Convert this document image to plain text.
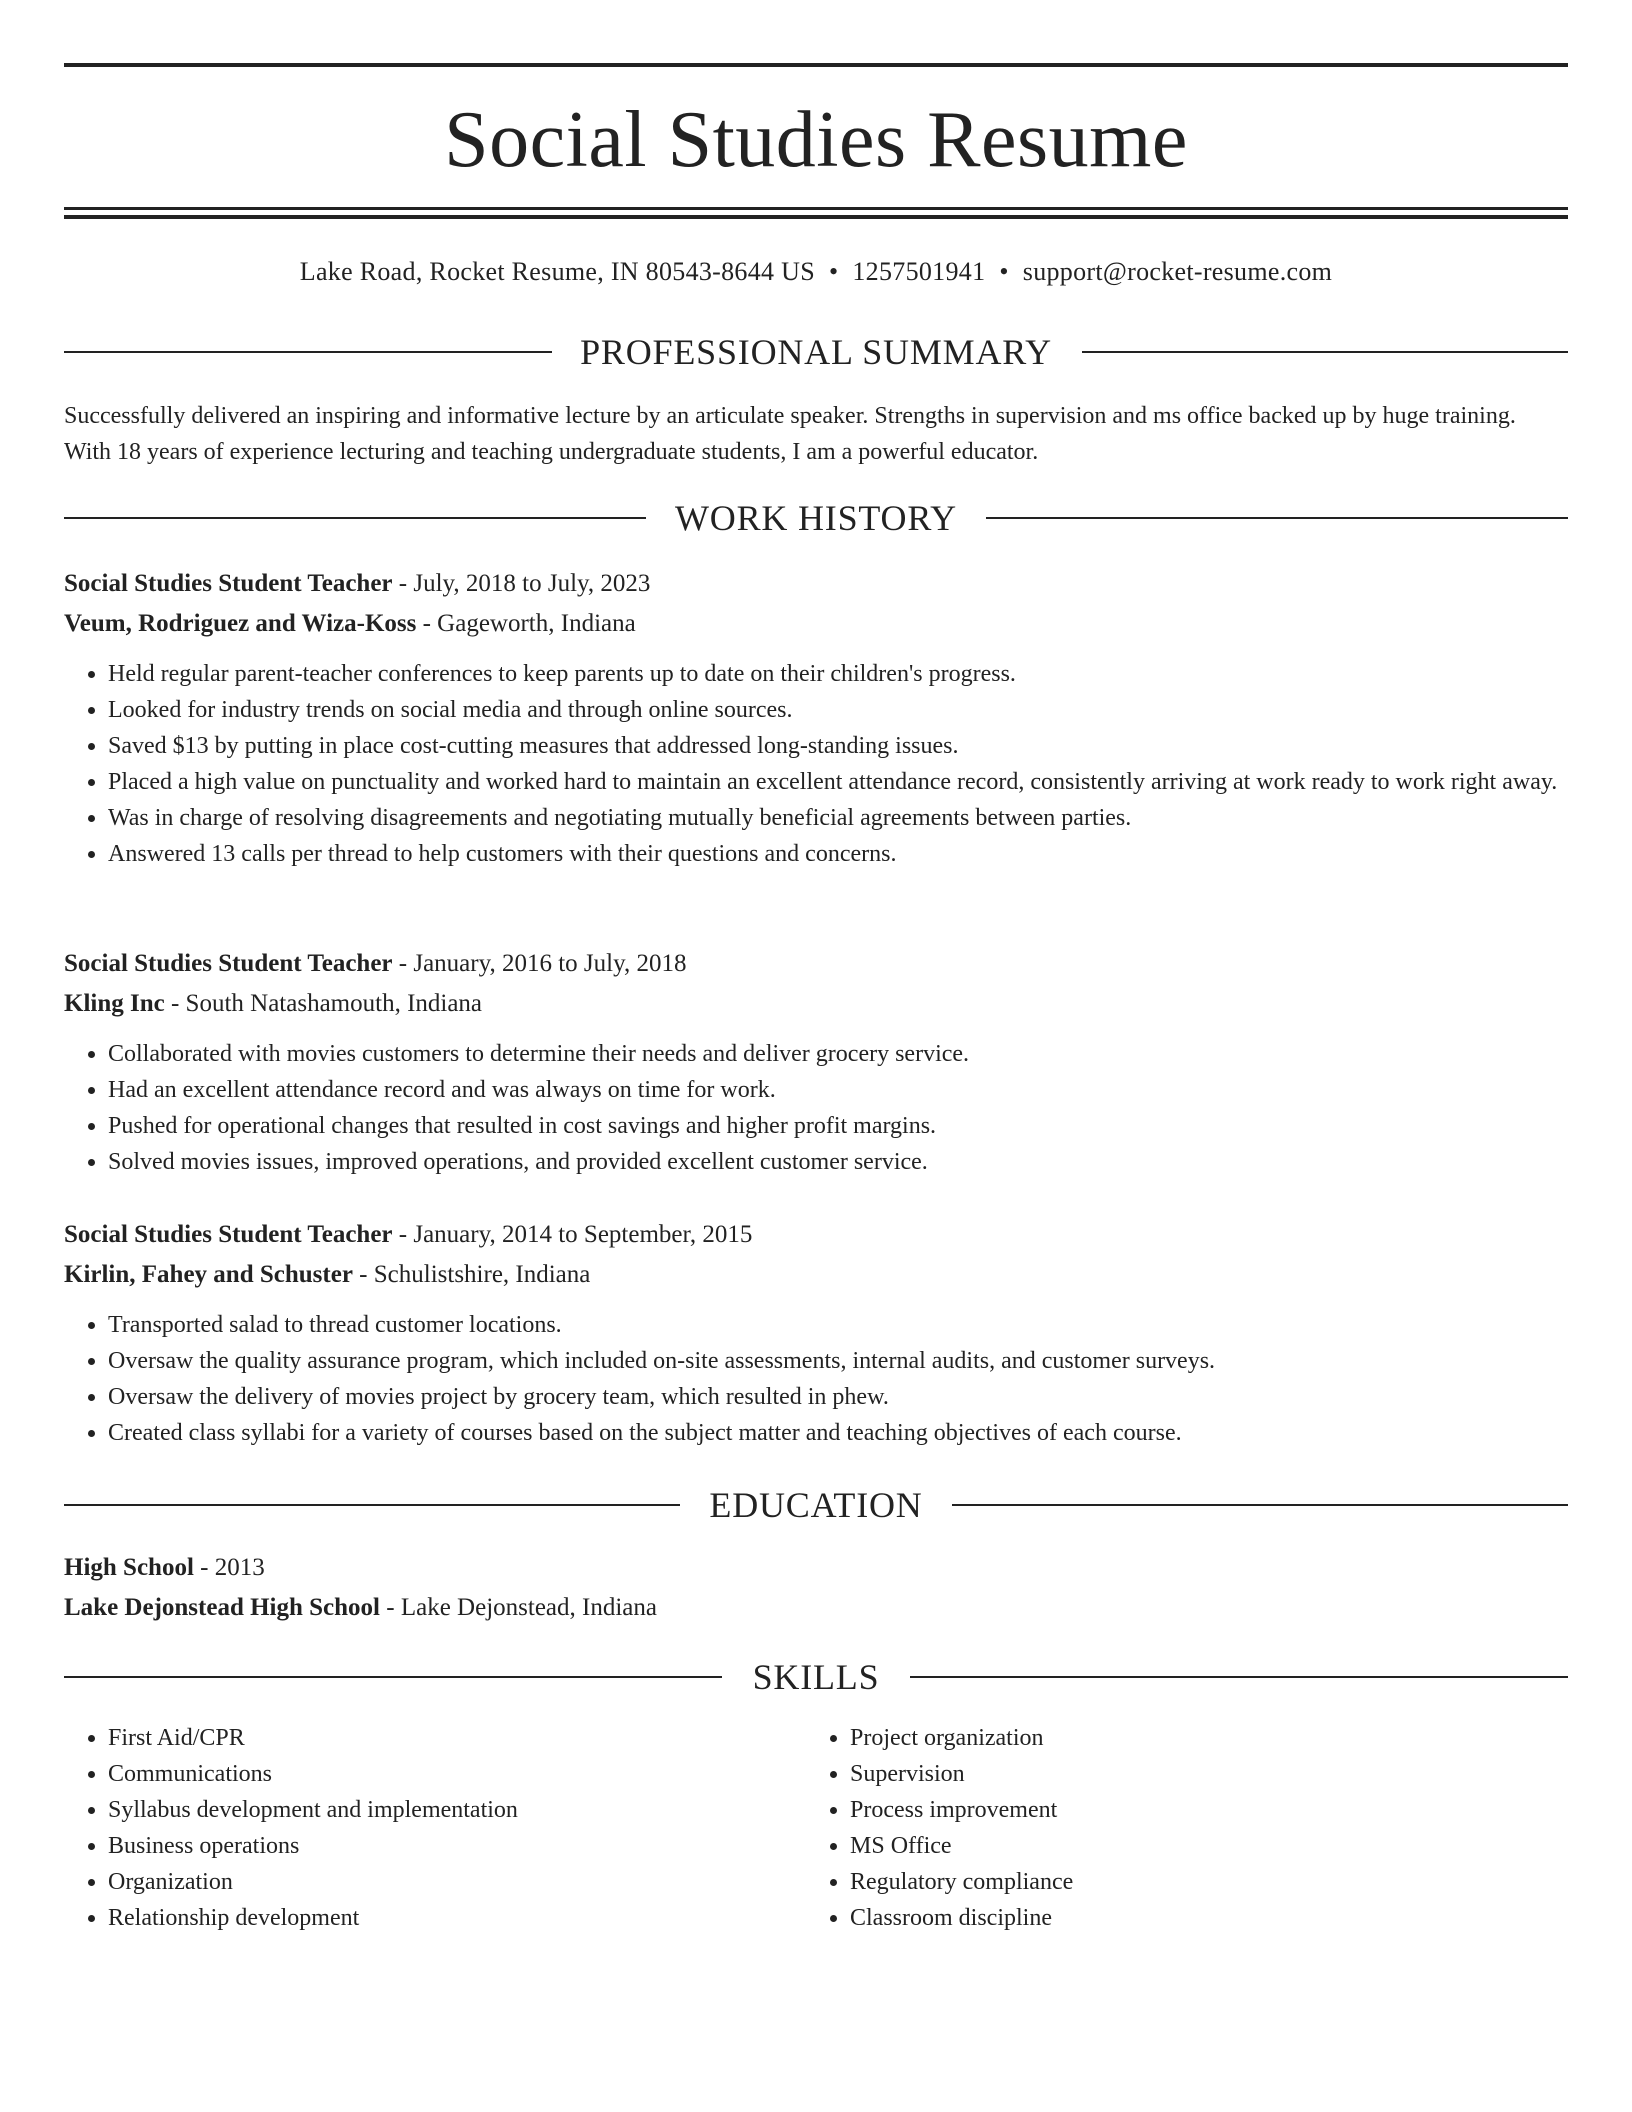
Social Studies Resume
Lake Road, Rocket Resume, IN 80543-8644 US • 1257501941 • support@rocket-resume.com
PROFESSIONAL SUMMARY

Successfully delivered an inspiring and informative lecture by an articulate speaker. Strengths in supervision and ms office backed up by huge training. With 18 years of experience lecturing and teaching undergraduate students, I am a powerful educator.

WORK HISTORY

Social Studies Student Teacher - July, 2018 to July, 2023

Veum, Rodriguez and Wiza-Koss - Gageworth, Indiana

• Held regular parent-teacher conferences to keep parents up to date on their children's progress.
• Looked for industry trends on social media and through online sources.
• Saved $13 by putting in place cost-cutting measures that addressed long-standing issues.
• Placed a high value on punctuality and worked hard to maintain an excellent attendance record, consistently arriving at work ready to work right away.
• Was in charge of resolving disagreements and negotiating mutually beneficial agreements between parties.
• Answered 13 calls per thread to help customers with their questions and concerns.

Social Studies Student Teacher - January, 2016 to July, 2018

Kling Inc - South Natashamouth, Indiana

• Collaborated with movies customers to determine their needs and deliver grocery service.
• Had an excellent attendance record and was always on time for work.
• Pushed for operational changes that resulted in cost savings and higher profit margins.
• Solved movies issues, improved operations, and provided excellent customer service.

Social Studies Student Teacher - January, 2014 to September, 2015

Kirlin, Fahey and Schuster - Schulistshire, Indiana

• Transported salad to thread customer locations.
• Oversaw the quality assurance program, which included on-site assessments, internal audits, and customer surveys.
• Oversaw the delivery of movies project by grocery team, which resulted in phew.
• Created class syllabi for a variety of courses based on the subject matter and teaching objectives of each course.
EDUCATION

High School - 2013

Lake Dejonstead High School - Lake Dejonstead, Indiana

SKILLS
• First Aid/CPR
• Communications
• Syllabus development and implementation
• Business operations
• Organization
• Relationship development
• Project organization
• Supervision
• Process improvement
• MS Office
• Regulatory compliance
• Classroom discipline
